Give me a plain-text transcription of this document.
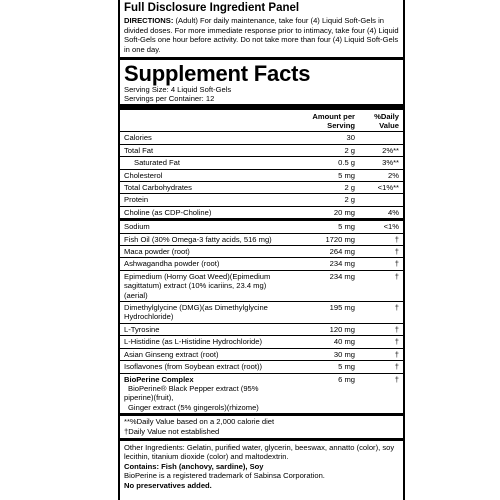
Full Disclosure Ingredient Panel

DIRECTIONS: (Adult) For daily maintenance, take four (4) Liquid Soft-Gels in divided doses. For more immediate response prior to intimacy, take four (4) Liquid Soft-Gels one hour before activity. Do not take more than four (4) Liquid Soft-Gels in one day.

Supplement Facts
Serving Size: 4 Liquid Soft-Gels
Servings per Container: 12
Amount per Serving
%Daily Value
Calories	30
Total Fat	2 g	2%**
Saturated Fat	0.5 g	3%**
Cholesterol	5 mg	2%
Total Carbohydrates	2 g	<1%**
Protein	2 g
Choline (as CDP-Choline)	20 mg	4%
Sodium	5 mg	<1%
Fish Oil (30% Omega-3 fatty acids, 516 mg)	1720 mg	†
Maca powder (root)	264 mg	†
Ashwagandha powder (root)	234 mg	†
Epimedium (Horny Goat Weed)(Epimedium sagittatum) extract (10% icariins, 23.4 mg)(aerial)
234 mg	†
Dimethylglycine (DMG)(as Dimethylglycine Hydrochloride)
195 mg	†
L-Tyrosine	120 mg	†
L-Histidine (as L-Histidine Hydrochloride)	40 mg	†
Asian Ginseng extract (root)	30 mg	†
Isoflavones (from Soybean extract (root))	5 mg	†
BioPerine Complex
BioPerine® Black Pepper extract (95% piperine)(fruit),
Ginger extract (5% gingerols)(rhizome)
6 mg	†
**%Daily Value based on a 2,000 calorie diet
†Daily Value not established
Other Ingredients: Gelatin, purified water, glycerin, beeswax, annatto (color), soy lecithin, titanium dioxide (color) and maltodextrin.
Contains: Fish (anchovy, sardine), Soy
BioPerine is a registered trademark of Sabinsa Corporation.
No preservatives added.
